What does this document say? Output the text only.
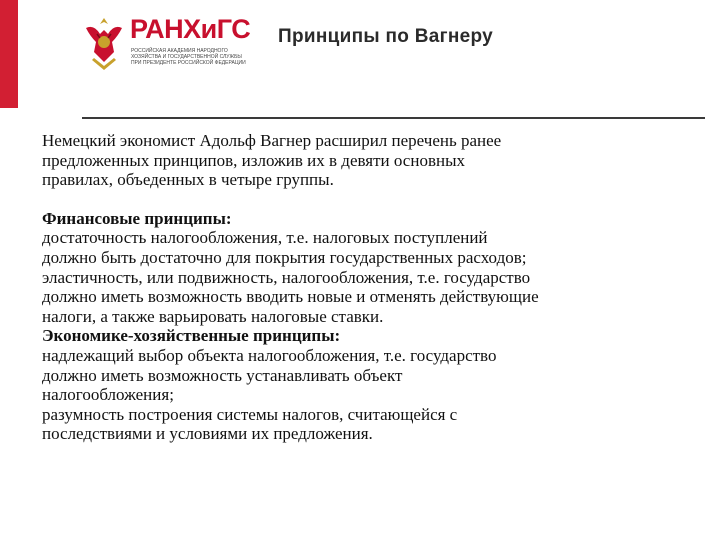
РАНХиГС
РОССИЙСКАЯ АКАДЕМИЯ НАРОДНОГО ХОЗЯЙСТВА И ГОСУДАРСТВЕННОЙ СЛУЖБЫ ПРИ ПРЕЗИДЕНТЕ РОССИЙСКОЙ ФЕДЕРАЦИИ
Принципы по Вагнеру

Немецкий экономист Адольф Вагнер расширил перечень ранее
предложенных принципов, изложив их в девяти основных
правилах, объеденных в четыре группы.

Финансовые принципы:

достаточность налогообложения, т.е. налоговых поступлений
должно быть достаточно для покрытия государственных расходов;
эластичность, или подвижность, налогообложения, т.е. государство
должно иметь возможность вводить новые и отменять действующие
налоги, а также варьировать налоговые ставки.

Экономике-хозяйственные принципы:

надлежащий выбор объекта налогообложения, т.е. государство
должно иметь возможность устанавливать объект
налогообложения;
разумность построения системы налогов, считающейся с
последствиями и условиями их предложения.
